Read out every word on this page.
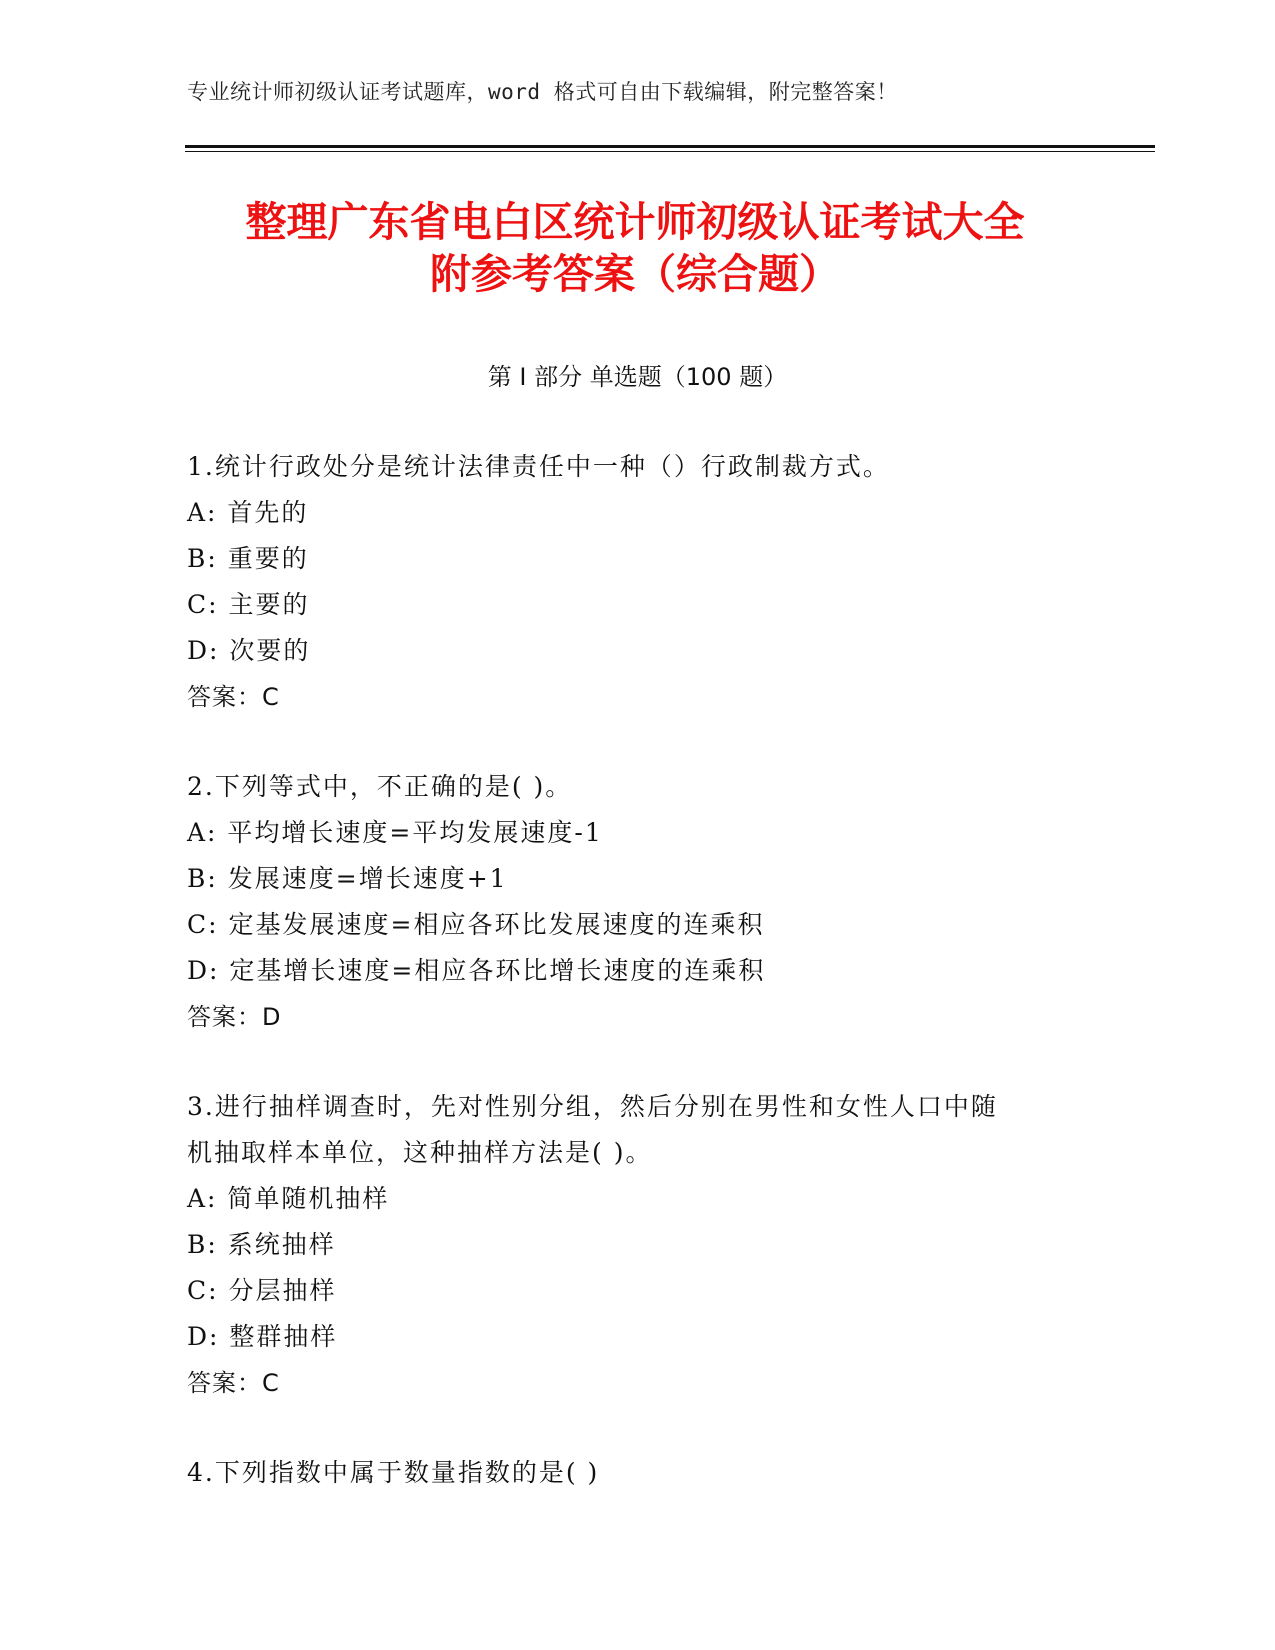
专业统计师初级认证考试题库，word 格式可自由下载编辑，附完整答案！
整理广东省电白区统计师初级认证考试大全
附参考答案（综合题）
第 I 部分 单选题（100 题）
1.统计行政处分是统计法律责任中一种（）行政制裁方式。
A: 首先的
B: 重要的
C: 主要的
D: 次要的
答案：C
2.下列等式中，不正确的是( )。
A: 平均增长速度=平均发展速度-1
B: 发展速度=增长速度+1
C: 定基发展速度=相应各环比发展速度的连乘积
D: 定基增长速度=相应各环比增长速度的连乘积
答案：D
3.进行抽样调查时，先对性别分组，然后分别在男性和女性人口中随
机抽取样本单位，这种抽样方法是( )。
A: 简单随机抽样
B: 系统抽样
C: 分层抽样
D: 整群抽样
答案：C
4.下列指数中属于数量指数的是( )
